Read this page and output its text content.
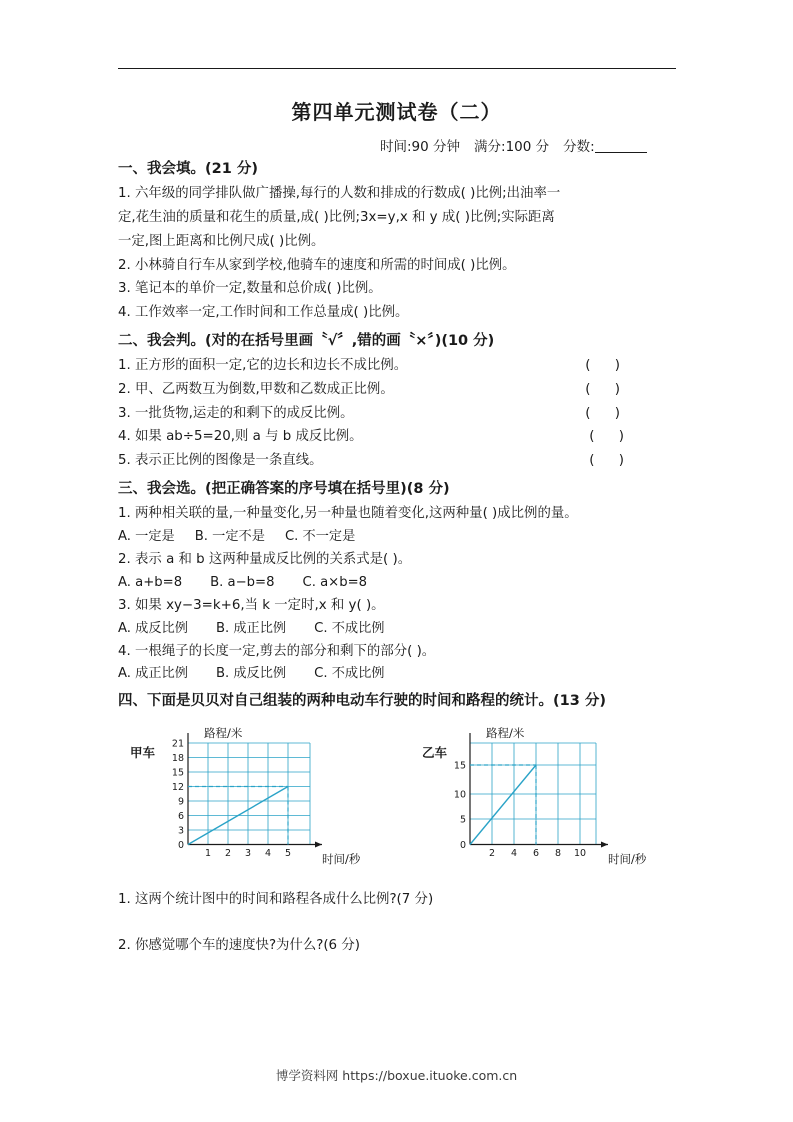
第四单元测试卷（二）
时间:90 分钟 满分:100 分 分数:
一、我会填。(21 分)
1. 六年级的同学排队做广播操,每行的人数和排成的行数成( )比例;出油率一
定,花生油的质量和花生的质量,成( )比例;3x=y,x 和 y 成( )比例;实际距离
一定,图上距离和比例尺成( )比例。
2. 小林骑自行车从家到学校,他骑车的速度和所需的时间成( )比例。
3. 笔记本的单价一定,数量和总价成( )比例。
4. 工作效率一定,工作时间和工作总量成( )比例。
二、我会判。(对的在括号里画〝√〞,错的画〝×〞)(10 分)
1. 正方形的面积一定,它的边长和边长不成比例。	( )
2. 甲、乙两数互为倒数,甲数和乙数成正比例。	( )
3. 一批货物,运走的和剩下的成反比例。	( )
4. 如果 ab÷5=20,则 a 与 b 成反比例。	( )
5. 表示正比例的图像是一条直线。	( )
三、我会选。(把正确答案的序号填在括号里)(8 分)
1. 两种相关联的量,一种量变化,另一种量也随着变化,这两种量( )成比例的量。
A. 一定是 B. 一定不是 C. 不一定是
2. 表示 a 和 b 这两种量成反比例的关系式是( )。
A. a+b=8 B. a−b=8 C. a×b=8
3. 如果 xy−3=k+6,当 k 一定时,x 和 y( )。
A. 成反比例 B. 成正比例 C. 不成比例
4. 一根绳子的长度一定,剪去的部分和剩下的部分( )。
A. 成正比例 B. 成反比例 C. 不成比例
四、下面是贝贝对自己组装的两种电动车行驶的时间和路程的统计。(13 分)
甲车
路程/米
时间/秒
21
18
15
12
9
6
3
0
1 2 3 4 5
乙车
路程/米
时间/秒
15
10
5
0
2 4 6 8 10
1. 这两个统计图中的时间和路程各成什么比例?(7 分)
2. 你感觉哪个车的速度快?为什么?(6 分)
博学资料网 https://boxue.ituoke.com.cn
